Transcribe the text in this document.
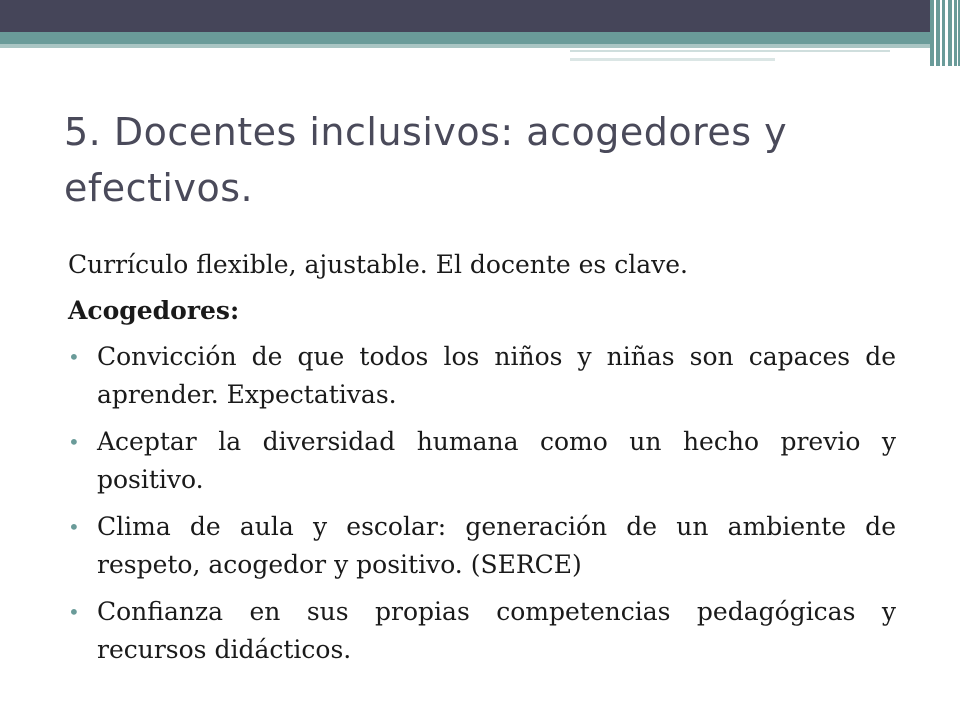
5. Docentes inclusivos: acogedores y efectivos.

Currículo flexible, ajustable. El docente es clave.

Acogedores:

• Convicción de que todos los niños y niñas son capaces de aprender. Expectativas.
• Aceptar la diversidad humana como un hecho previo y positivo.
• Clima de aula y escolar: generación de un ambiente de respeto, acogedor y positivo. (SERCE)
• Confianza en sus propias competencias pedagógicas y recursos didácticos.
